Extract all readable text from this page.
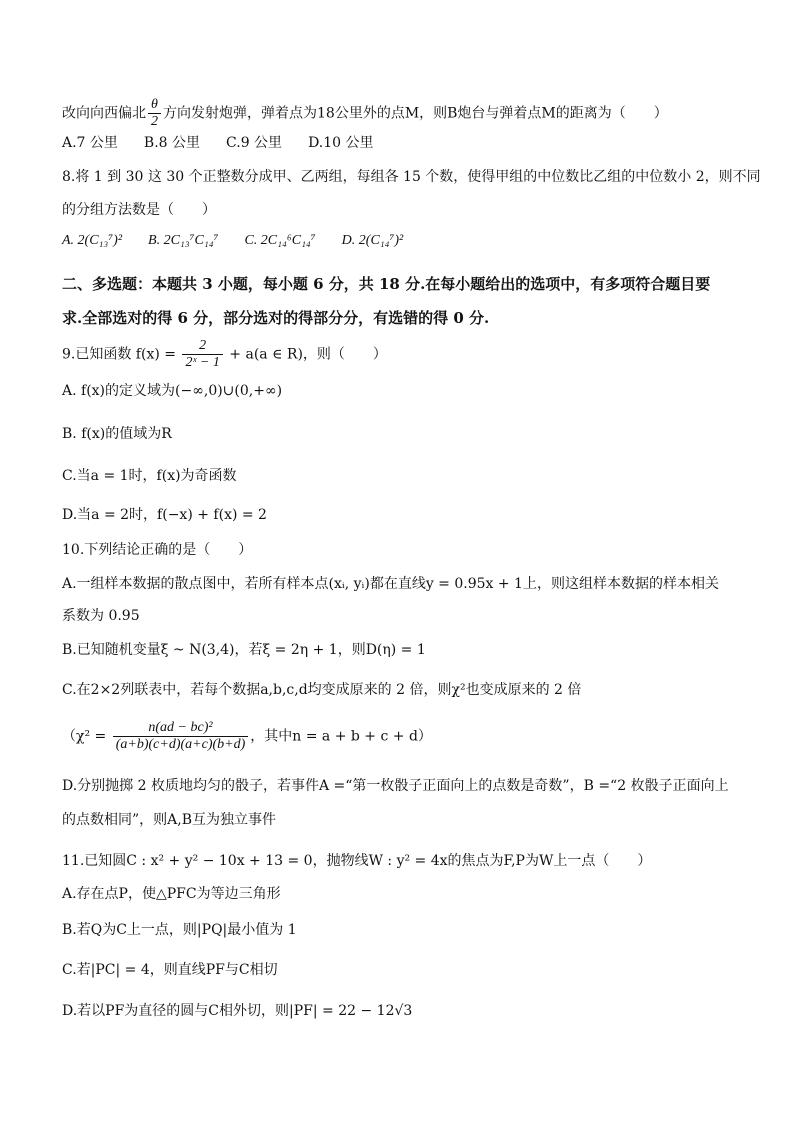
改向向西偏北 $\frac{\theta}{2}$ 方向发射炮弹，弹着点为18公里外的点M，则B炮台与弹着点M的距离为（　　）
A.7 公里 B.8 公里 C.9 公里 D.10 公里
8.将 1 到 30 这 30 个正整数分成甲、乙两组，每组各 15 个数，使得甲组的中位数比乙组的中位数小 2，则不同
的分组方法数是（　　）
A. 2(C₁₃⁷)² B. 2C₁₃⁷C₁₄⁷ C. 2C₁₄⁶C₁₄⁷ D. 2(C₁₄⁷)²
二、多选题：本题共 3 小题，每小题 6 分，共 18 分.在每小题给出的选项中，有多项符合题目要
求.全部选对的得 6 分，部分选对的得部分分，有选错的得 0 分.
9.已知函数 $f(x) = \frac{2}{\text{2ˣ − 1}} + a(a$ ∈ R)，则（　　）
A. f(x)的定义域为(−∞,0)∪(0,+∞)
B. f(x)的值域为R
C.当a = 1时，f(x)为奇函数
D.当a = 2时，f(−x) + f(x) = 2
10.下列结论正确的是（　　）
A.一组样本数据的散点图中，若所有样本点(xᵢ, yᵢ)都在直线y = 0.95x + 1上，则这组样本数据的样本相关
系数为 0.95
B.已知随机变量ξ ~ N(3,4)，若ξ = 2η + 1，则D(η) = 1
C.在2×2列联表中，若每个数据a,b,c,d均变成原来的 2 倍，则χ²也变成原来的 2 倍
（$\chi^2 = \frac{\text{n(ad − bc)²}}{(a+b)(c+d)(a+c)(b+d)}$ ，其中n = a + b + c + d）
D.分别抛掷 2 枚质地均匀的骰子，若事件A =“第一枚骰子正面向上的点数是奇数”，B =“2 枚骰子正面向上
的点数相同”，则A,B互为独立事件
11.已知圆C : x² + y² − 10x + 13 = 0，抛物线W : y² = 4x的焦点为F,P为W上一点（　　）
A.存在点P，使△PFC为等边三角形
B.若Q为C上一点，则|PQ|最小值为 1
C.若|PC| = 4，则直线PF与C相切
D.若以PF为直径的圆与C相外切，则|PF| = 22 − 12√3
